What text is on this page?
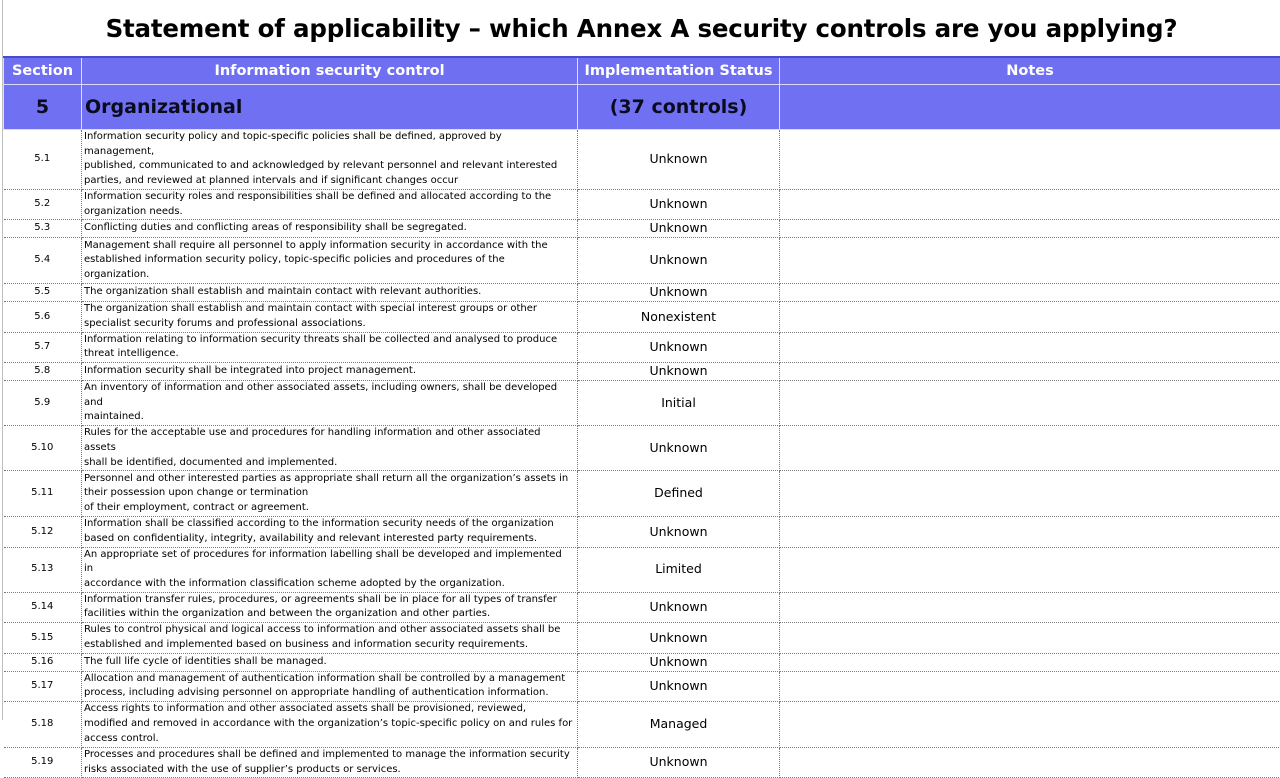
Statement of applicability – which Annex A security controls are you applying?
Section	Information security control	Implementation Status	Notes
5	Organizational	(37 controls)	
5.1	Information security policy and topic-specific policies shall be defined, approved by management,
published, communicated to and acknowledged by relevant personnel and relevant interested
parties, and reviewed at planned intervals and if significant changes occur	Unknown	
5.2	Information security roles and responsibilities shall be defined and allocated according to the
organization needs.	Unknown	
5.3	Conflicting duties and conflicting areas of responsibility shall be segregated.	Unknown	
5.4	Management shall require all personnel to apply information security in accordance with the
established information security policy, topic-specific policies and procedures of the organization.	Unknown	
5.5	The organization shall establish and maintain contact with relevant authorities.	Unknown	
5.6	The organization shall establish and maintain contact with special interest groups or other
specialist security forums and professional associations.	Nonexistent	
5.7	Information relating to information security threats shall be collected and analysed to produce
threat intelligence.	Unknown	
5.8	Information security shall be integrated into project management.	Unknown	
5.9	An inventory of information and other associated assets, including owners, shall be developed and
maintained.	Initial	
5.10	Rules for the acceptable use and procedures for handling information and other associated assets
shall be identified, documented and implemented.	Unknown	
5.11	Personnel and other interested parties as appropriate shall return all the organization’s assets in
their possession upon change or termination
of their employment, contract or agreement.	Defined	
5.12	Information shall be classified according to the information security needs of the organization
based on confidentiality, integrity, availability and relevant interested party requirements.	Unknown	
5.13	An appropriate set of procedures for information labelling shall be developed and implemented in
accordance with the information classification scheme adopted by the organization.	Limited	
5.14	Information transfer rules, procedures, or agreements shall be in place for all types of transfer
facilities within the organization and between the organization and other parties.	Unknown	
5.15	Rules to control physical and logical access to information and other associated assets shall be
established and implemented based on business and information security requirements.	Unknown	
5.16	The full life cycle of identities shall be managed.	Unknown	
5.17	Allocation and management of authentication information shall be controlled by a management
process, including advising personnel on appropriate handling of authentication information.	Unknown	
5.18	Access rights to information and other associated assets shall be provisioned, reviewed,
modified and removed in accordance with the organization’s topic-specific policy on and rules for
access control.	Managed	
5.19	Processes and procedures shall be defined and implemented to manage the information security
risks associated with the use of supplier’s products or services.	Unknown	
